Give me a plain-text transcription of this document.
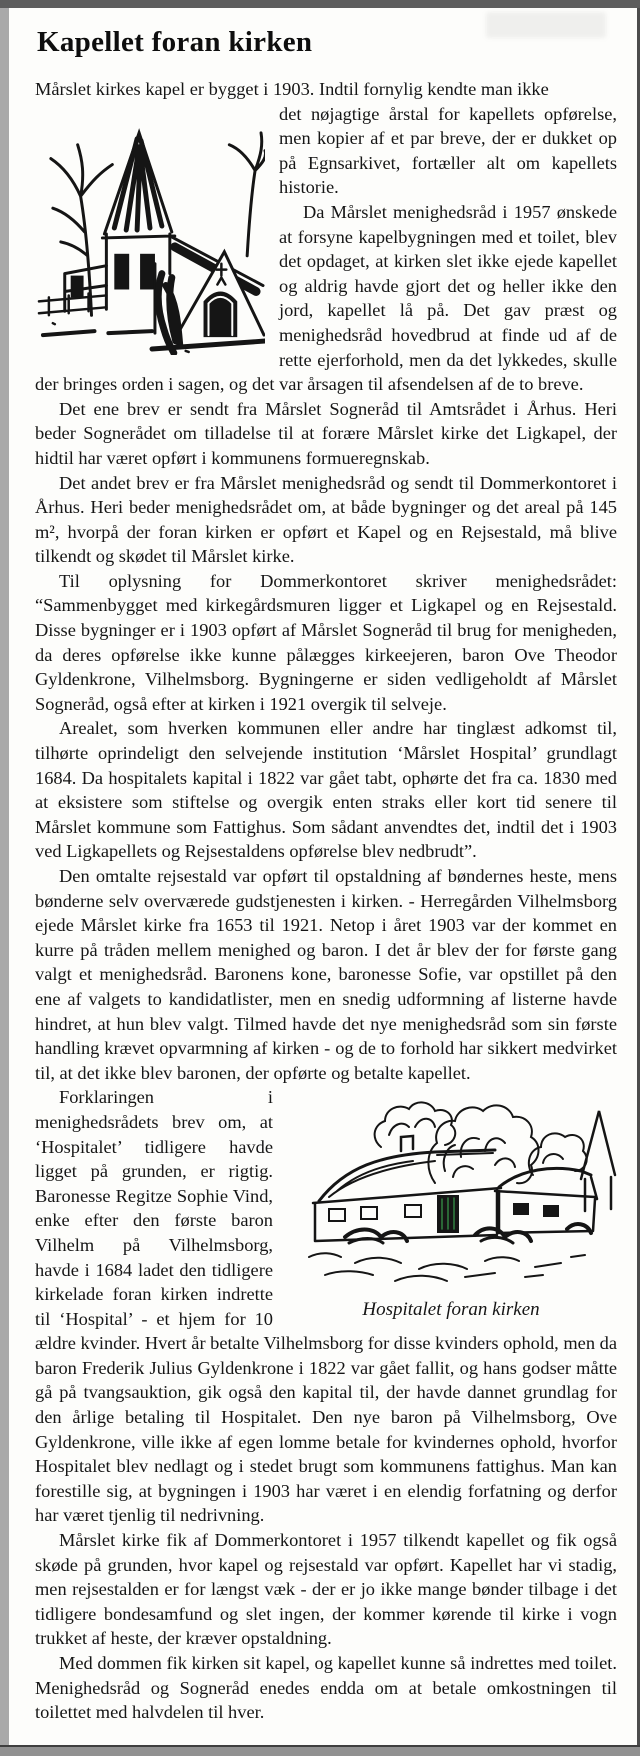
Kapellet foran kirken

Mårslet kirkes kapel er bygget i 1903. Indtil fornylig kendte man ikke

det nøjagtige årstal for kapellets opførelse, men kopier af et par breve, der er dukket op på Egnsarkivet, fortæller alt om kapellets historie.

Da Mårslet menighedsråd i 1957 ønskede at forsyne kapelbygningen med et toilet, blev det opdaget, at kirken slet ikke ejede kapellet og aldrig havde gjort det og heller ikke den jord, kapellet lå på. Det gav præst og menighedsråd hovedbrud at finde ud af de rette ejerforhold, men da det lykkedes, skulle der bringes orden i sagen, og det var årsagen til afsendelsen af de to breve.

Det ene brev er sendt fra Mårslet Sogneråd til Amtsrådet i Århus. Heri beder Sognerådet om tilladelse til at forære Mårslet kirke det Ligkapel, der hidtil har været opført i kommunens formueregnskab.

Det andet brev er fra Mårslet menighedsråd og sendt til Dommerkontoret i Århus. Heri beder menighedsrådet om, at både bygninger og det areal på 145 m², hvorpå der foran kirken er opført et Kapel og en Rejsestald, må blive tilkendt og skødet til Mårslet kirke.

Til oplysning for Dommerkontoret skriver menighedsrådet: “Sammenbygget med kirkegårdsmuren ligger et Ligkapel og en Rejsestald. Disse bygninger er i 1903 opført af Mårslet Sogneråd til brug for menigheden, da deres opførelse ikke kunne pålægges kirkeejeren, baron Ove Theodor Gyldenkrone, Vilhelmsborg. Bygningerne er siden vedligeholdt af Mårslet Sogneråd, også efter at kirken i 1921 overgik til selveje.

Arealet, som hverken kommunen eller andre har tinglæst adkomst til, tilhørte oprindeligt den selvejende institution ‘Mårslet Hospital’ grundlagt 1684. Da hospitalets kapital i 1822 var gået tabt, ophørte det fra ca. 1830 med at eksistere som stiftelse og overgik enten straks eller kort tid senere til Mårslet kommune som Fattighus. Som sådant anvendtes det, indtil det i 1903 ved Ligkapellets og Rejsestaldens opførelse blev nedbrudt”.

Den omtalte rejsestald var opført til opstaldning af bøndernes heste, mens bønderne selv overværede gudstjenesten i kirken. - Herregården Vilhelmsborg ejede Mårslet kirke fra 1653 til 1921. Netop i året 1903 var der kommet en kurre på tråden mellem menighed og baron. I det år blev der for første gang valgt et menighedsråd. Baronens kone, baronesse Sofie, var opstillet på den ene af valgets to kandidatlister, men en snedig udformning af listerne havde hindret, at hun blev valgt. Tilmed havde det nye menighedsråd som sin første handling krævet opvarmning af kirken - og de to forhold har sikkert medvirket til, at det ikke blev baronen, der opførte og betalte kapellet.

Hospitalet foran kirken

Forklaringen i menighedsrådets brev om, at ‘Hospitalet’ tidligere havde ligget på grunden, er rigtig. Baronesse Regitze Sophie Vind, enke efter den første baron Vilhelm på Vilhelmsborg, havde i 1684 ladet den tidligere kirkelade foran kirken indrette til ‘Hospital’ - et hjem for 10 ældre kvinder. Hvert år betalte Vilhelmsborg for disse kvinders ophold, men da baron Frederik Julius Gyldenkrone i 1822 var gået fallit, og hans godser måtte gå på tvangsauktion, gik også den kapital til, der havde dannet grundlag for den årlige betaling til Hospitalet. Den nye baron på Vilhelmsborg, Ove Gyldenkrone, ville ikke af egen lomme betale for kvindernes ophold, hvorfor Hospitalet blev nedlagt og i stedet brugt som kommunens fattighus. Man kan forestille sig, at bygningen i 1903 har været i en elendig forfatning og derfor har været tjenlig til nedrivning.

Mårslet kirke fik af Dommerkontoret i 1957 tilkendt kapellet og fik også skøde på grunden, hvor kapel og rejsestald var opført. Kapellet har vi stadig, men rejsestalden er for længst væk - der er jo ikke mange bønder tilbage i det tidligere bondesamfund og slet ingen, der kommer kørende til kirke i vogn trukket af heste, der kræver opstaldning.

Med dommen fik kirken sit kapel, og kapellet kunne så indrettes med toilet. Menighedsråd og Sogneråd enedes endda om at betale omkostningen til toilettet med halvdelen til hver.
